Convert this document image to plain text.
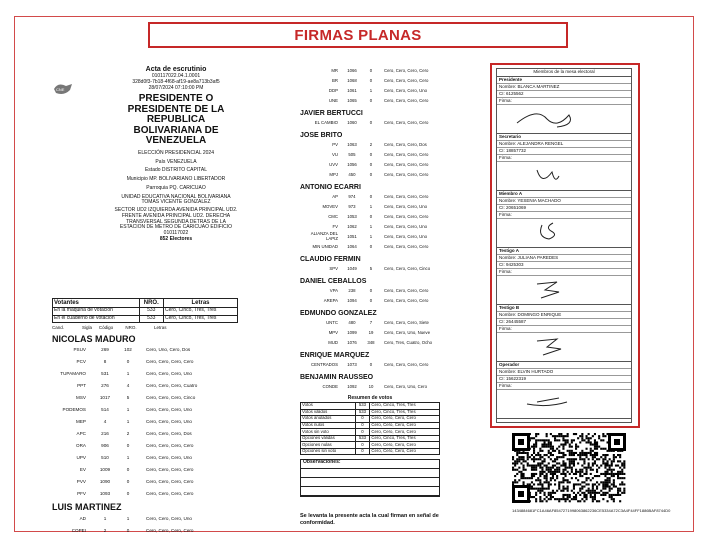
FIRMAS PLANAS
CNE
Acta de escrutinio
010117022.04.1.0001
328d0f3-7b18-4f68-af19-ae8a713b3af5
28/07/2024 07:10:00 PM
PRESIDENTE O PRESIDENTE DE LA REPUBLICA BOLIVARIANA DE VENEZUELA
ELECCIÓN PRESIDENCIAL 2024
País VENEZUELA
Estado DISTRITO CAPITAL
Municipio MP. BOLIVARIANO LIBERTADOR
Parroquia PQ. CARICUAO
UNIDAD EDUCATIVA NACIONAL BOLIVARIANA TOMAS VICENTE GONZALEZ
SECTOR UD2 IZQUIERDA AVENIDA PRINCIPAL UD2. FRENTE AVENIDA PRINCIPAL UD2. DERECHA TRANSVERSAL SEGUNDA DETRAS DE LA ESTACION DE METRO DE CARICUAO EDIFICIO
010117022
852 Electores
Votantes	NRO.	Letras
En la máquina de votación	533	Cero, Cinco, Tres, Tres
En el cuaderno de votación	533	Cero, Cinco, Tres, Tres
Cand.	Sigla	Código	NRO.	Letras
NICOLAS MADURO
PSUV	269	102	Cero, Uno, Cero, Dos
PCV	8	0	Cero, Cero, Cero, Cero
TUPAMARO	531	1	Cero, Cero, Cero, Uno
PPT	276	4	Cero, Cero, Cero, Cuatro
MSV	1017	5	Cero, Cero, Cero, Cinco
PODEMOS	514	1	Cero, Cero, Cero, Uno
MEP	4	1	Cero, Cero, Cero, Uno
APC	216	2	Cero, Cero, Cero, Dos
ORA	906	0	Cero, Cero, Cero, Cero
UPV	510	1	Cero, Cero, Cero, Uno
EV	1009	0	Cero, Cero, Cero, Cero
PVV	1090	0	Cero, Cero, Cero, Cero
PFV	1093	0	Cero, Cero, Cero, Cero
LUIS MARTINEZ
AD	1	1	Cero, Cero, Cero, Uno
COPEI	2	0	Cero, Cero, Cero, Cero
MR	1066	0	Cero, Cero, Cero, Cero
BR	1068	0	Cero, Cero, Cero, Cero
DDP	1061	1	Cero, Cero, Cero, Uno
UNE	1065	0	Cero, Cero, Cero, Cero
JAVIER BERTUCCI
EL CAMBIO	1060	0	Cero, Cero, Cero, Cero
JOSE BRITO
PV	1063	2	Cero, Cero, Cero, Dos
VU	505	0	Cero, Cero, Cero, Cero
UVV	1056	0	Cero, Cero, Cero, Cero
MPJ	450	0	Cero, Cero, Cero, Cero
ANTONIO ECARRI
AP	974	0	Cero, Cero, Cero, Cero
MOVEV	973	1	Cero, Cero, Cero, Uno
CMC	1053	0	Cero, Cero, Cero, Cero
FV	1062	1	Cero, Cero, Cero, Uno
ALIANZA DEL LAPIZ	1051	1	Cero, Cero, Cero, Uno
MIN UNIDAD	1064	0	Cero, Cero, Cero, Cero
CLAUDIO FERMIN
SPV	1049	5	Cero, Cero, Cero, Cinco
DANIEL CEBALLOS
VPA	238	0	Cero, Cero, Cero, Cero
AREPA	1094	0	Cero, Cero, Cero, Cero
EDMUNDO GONZALEZ
UNTC	480	7	Cero, Cero, Cero, Siete
MPV	1099	19	Cero, Cero, Uno, Nueve
MUD	1076	348	Cero, Tres, Cuatro, Ocho
ENRIQUE MARQUEZ
CENTRADOS	1073	0	Cero, Cero, Cero, Cero
BENJAMIN RAUSSEO
CONDE	1092	10	Cero, Cero, Uno, Cero
Resumen de votos
Votos	533	Cero, Cinco, Tres, Tres
Votos válidos	533	Cero, Cinco, Tres, Tres
Votos anulados	0	Cero, Cero, Cero, Cero
Votos nulos	0	Cero, Cero, Cero, Cero
Votos sin voto	0	Cero, Cero, Cero, Cero
Opciones válidas	533	Cero, Cinco, Tres, Tres
Opciones nulas	0	Cero, Cero, Cero, Cero
Opciones sin voto	0	Cero, Cero, Cero, Cero
Observaciones:
Se levanta la presente acta la cual firman en señal de conformidad.
Miembros de la mesa electoral
Presidente
Nombre: BLANCA MARTINEZ
CI: 6125562
Firma:
Secretario
Nombre: ALEJANDRA RENGEL
CI: 18857732
Firma:
Miembro A
Nombre: YESENIA MACHADO
CI: 20651069
Firma:
Testigo A
Nombre: JULIANA PAREDES
CI: 9425303
Firma:
Testigo B
Nombre: DOMINGO ENRIQUE
CI: 26445587
Firma:
Operador
Nombre: ELVIN HURTADO
CI: 15622319
Firma:
1434884681FC1A46AF8547271998063862236CE5334A72C3A4F44FF1886BAF8744D0
